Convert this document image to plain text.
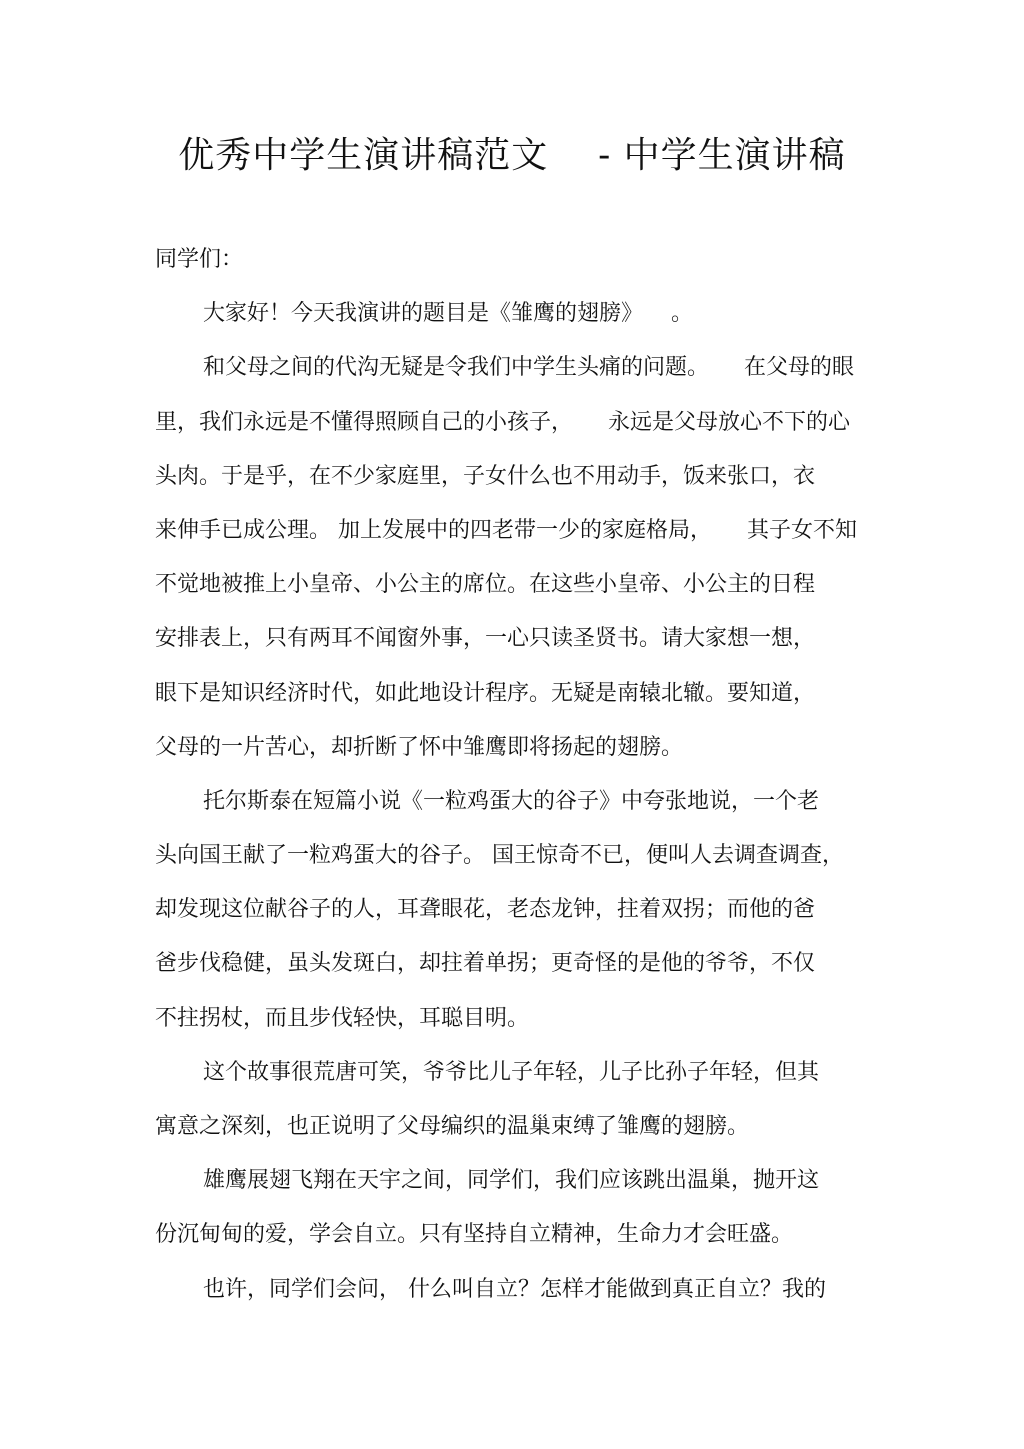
优秀中学生演讲稿范文    - 中学生演讲稿
同学们：
大家好！今天我演讲的题目是《雏鹰的翅膀》    。
和父母之间的代沟无疑是令我们中学生头痛的问题。     在父母的眼
里，我们永远是不懂得照顾自己的小孩子，     永远是父母放心不下的心
头肉。于是乎，在不少家庭里，子女什么也不用动手，饭来张口，衣
来伸手已成公理。 加上发展中的四老带一少的家庭格局，     其子女不知
不觉地被推上小皇帝、小公主的席位。在这些小皇帝、小公主的日程
安排表上，只有两耳不闻窗外事，一心只读圣贤书。请大家想一想，
眼下是知识经济时代，如此地设计程序。无疑是南辕北辙。要知道，
父母的一片苦心，却折断了怀中雏鹰即将扬起的翅膀。
托尔斯泰在短篇小说《一粒鸡蛋大的谷子》中夸张地说，一个老
头向国王献了一粒鸡蛋大的谷子。 国王惊奇不已，便叫人去调查调查，
却发现这位献谷子的人，耳聋眼花，老态龙钟，拄着双拐；而他的爸
爸步伐稳健，虽头发斑白，却拄着单拐；更奇怪的是他的爷爷，不仅
不拄拐杖，而且步伐轻快，耳聪目明。
这个故事很荒唐可笑，爷爷比儿子年轻，儿子比孙子年轻，但其
寓意之深刻，也正说明了父母编织的温巢束缚了雏鹰的翅膀。
雄鹰展翅飞翔在天宇之间，同学们，我们应该跳出温巢，抛开这
份沉甸甸的爱，学会自立。只有坚持自立精神，生命力才会旺盛。
也许，同学们会问， 什么叫自立？怎样才能做到真正自立？我的
